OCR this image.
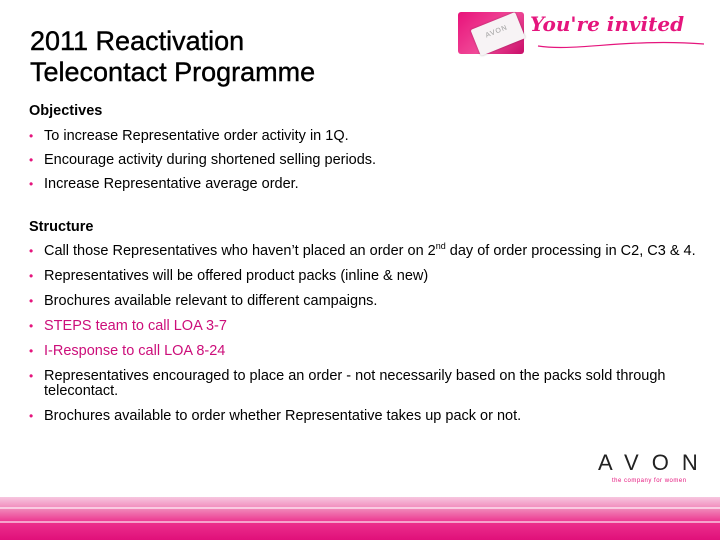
2011 Reactivation
Telecontact Programme
AVON You're invited

Objectives

• To increase Representative order activity in 1Q.
• Encourage activity during shortened selling periods.
• Increase Representative average order.

Structure

• Call those Representatives who haven’t placed an order on 2nd day of order processing in C2, C3 & 4.
• Representatives will be offered product packs (inline & new)
• Brochures available relevant to different campaigns.
• STEPS team to call LOA 3-7
• I-Response to call LOA 8-24
• Representatives encouraged to place an order - not necessarily based on the packs sold through telecontact.
• Brochures available to order whether Representative takes up pack or not.
AVON
the company for women
